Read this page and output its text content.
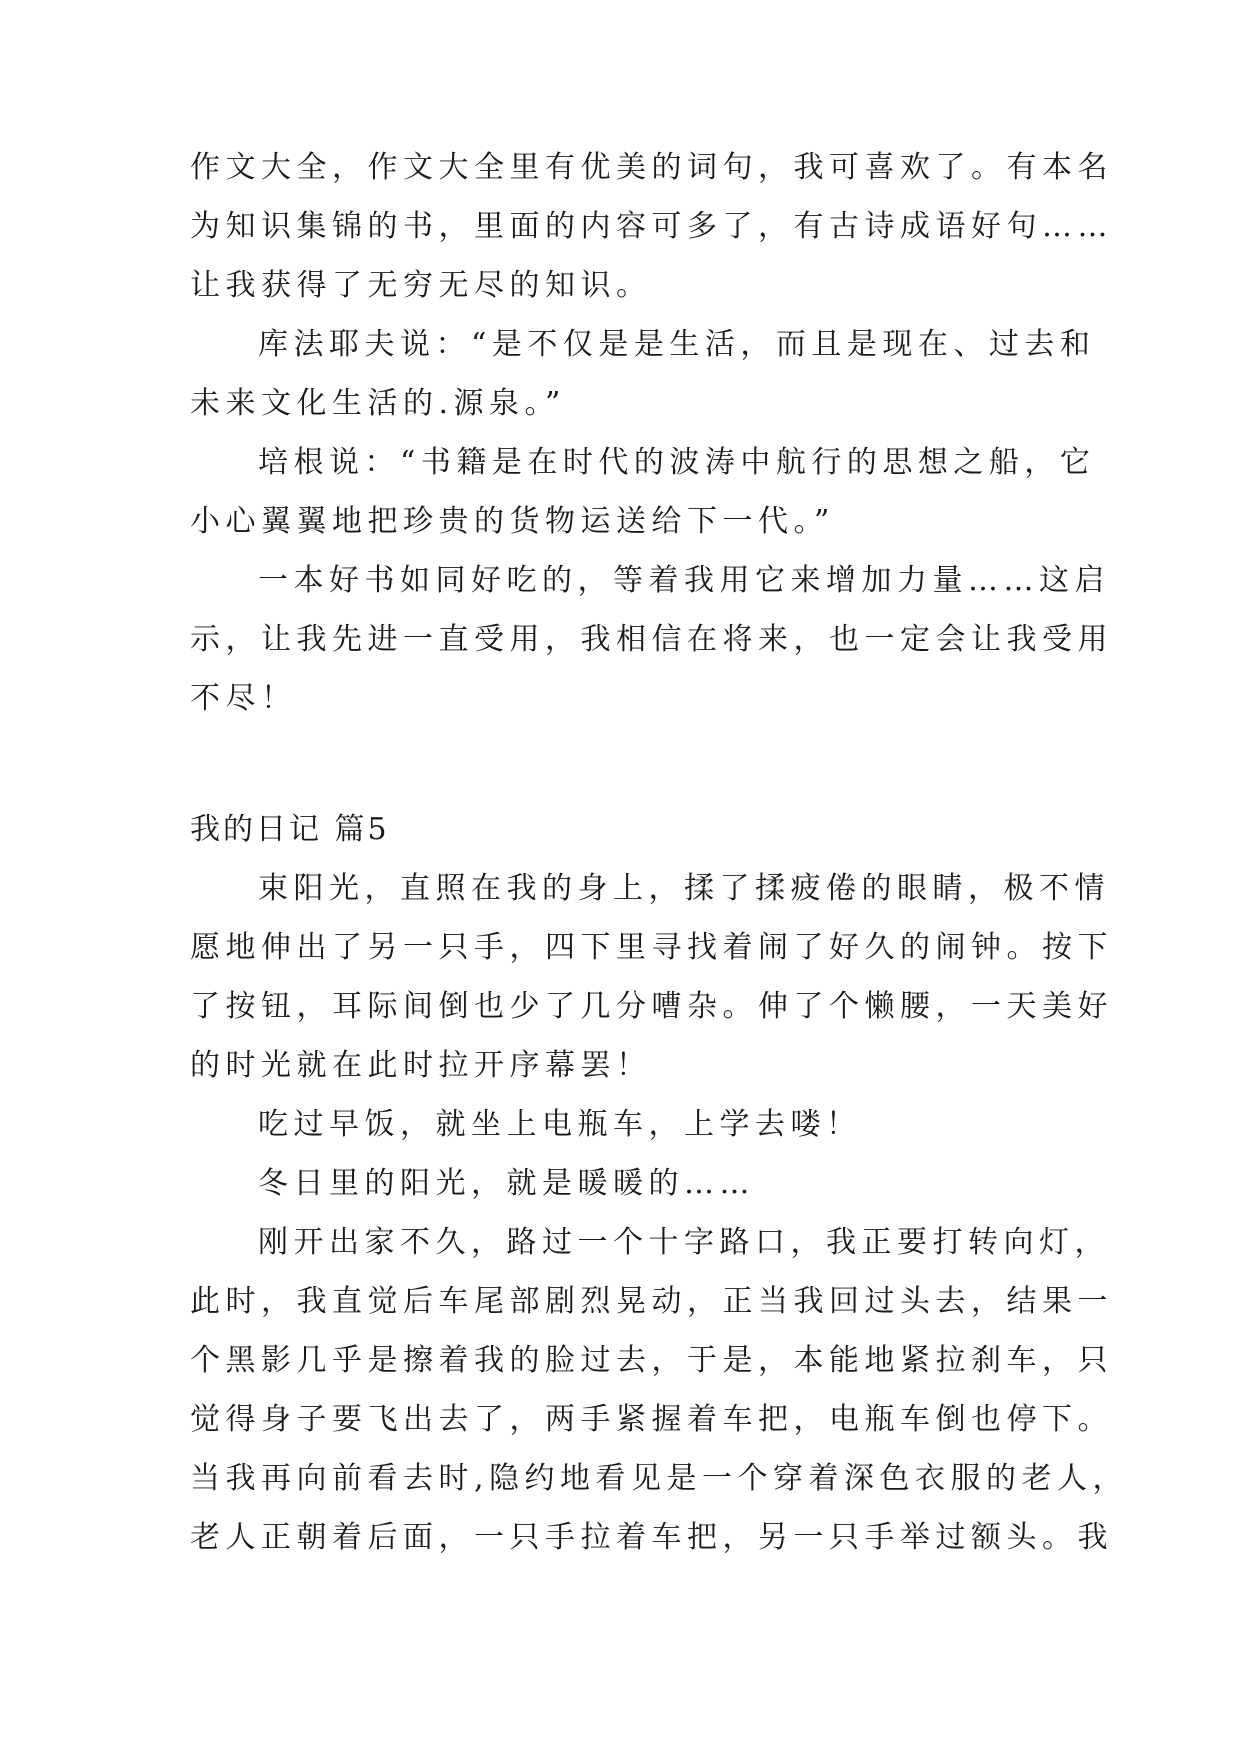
作文大全，作文大全里有优美的词句，我可喜欢了。有本名
为知识集锦的书，里面的内容可多了，有古诗成语好句……
让我获得了无穷无尽的知识。
库法耶夫说：“是不仅是是生活，而且是现在、过去和
未来文化生活的.源泉。”
培根说：“书籍是在时代的波涛中航行的思想之船，它
小心翼翼地把珍贵的货物运送给下一代。”
一本好书如同好吃的，等着我用它来增加力量……这启
示，让我先进一直受用，我相信在将来，也一定会让我受用
不尽！
我的日记 篇5
束阳光，直照在我的身上，揉了揉疲倦的眼睛，极不情
愿地伸出了另一只手，四下里寻找着闹了好久的闹钟。按下
了按钮，耳际间倒也少了几分嘈杂。伸了个懒腰，一天美好
的时光就在此时拉开序幕罢！
吃过早饭，就坐上电瓶车，上学去喽！
冬日里的阳光，就是暖暖的……
刚开出家不久，路过一个十字路口，我正要打转向灯，
此时，我直觉后车尾部剧烈晃动，正当我回过头去，结果一
个黑影几乎是擦着我的脸过去，于是，本能地紧拉刹车，只
觉得身子要飞出去了，两手紧握着车把，电瓶车倒也停下。
当我再向前看去时,隐约地看见是一个穿着深色衣服的老人，
老人正朝着后面，一只手拉着车把，另一只手举过额头。我
